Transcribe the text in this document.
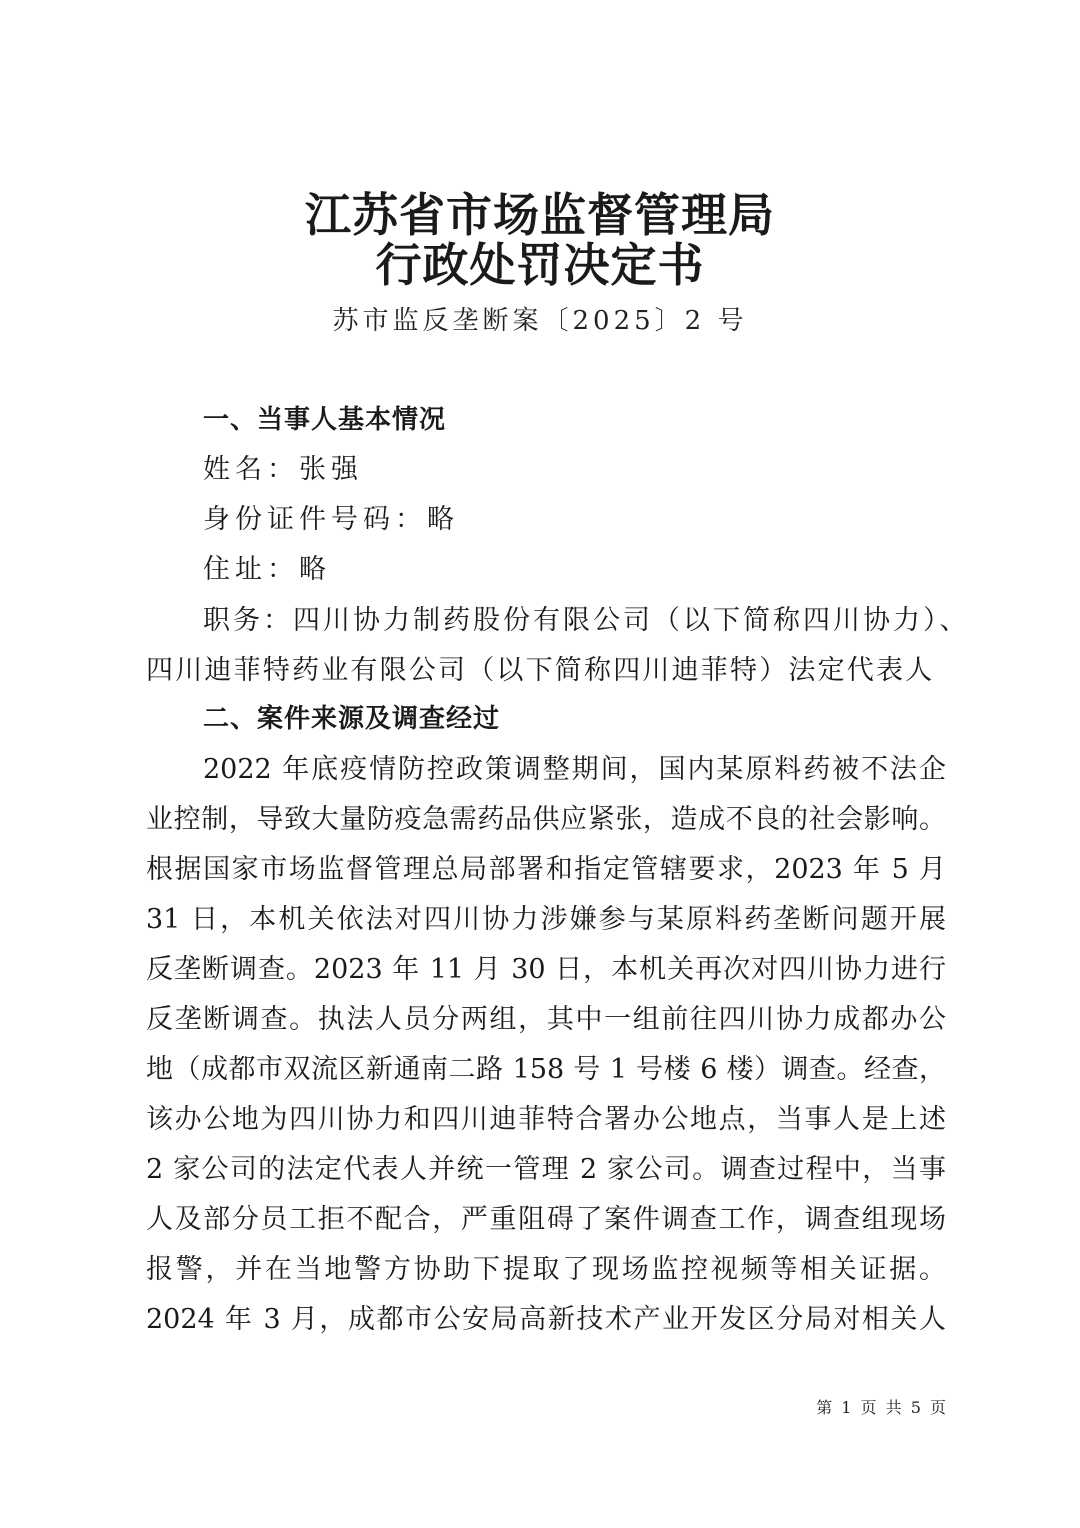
江苏省市场监督管理局
行政处罚决定书
苏市监反垄断案〔2025〕2 号
一、当事人基本情况
姓名：张强
身份证件号码：略
住址：略
职务：四川协力制药股份有限公司（以下简称四川协力）、
四川迪菲特药业有限公司（以下简称四川迪菲特）法定代表人
二、案件来源及调查经过
2022 年底疫情防控政策调整期间，国内某原料药被不法企
业控制，导致大量防疫急需药品供应紧张，造成不良的社会影响。
根据国家市场监督管理总局部署和指定管辖要求，2023 年 5 月
31 日，本机关依法对四川协力涉嫌参与某原料药垄断问题开展
反垄断调查。2023 年 11 月 30 日，本机关再次对四川协力进行
反垄断调查。执法人员分两组，其中一组前往四川协力成都办公
地（成都市双流区新通南二路 158 号 1 号楼 6 楼）调查。经查，
该办公地为四川协力和四川迪菲特合署办公地点，当事人是上述
2 家公司的法定代表人并统一管理 2 家公司。调查过程中，当事
人及部分员工拒不配合，严重阻碍了案件调查工作，调查组现场
报警，并在当地警方协助下提取了现场监控视频等相关证据。
2024 年 3 月，成都市公安局高新技术产业开发区分局对相关人
第 1 页 共 5 页
